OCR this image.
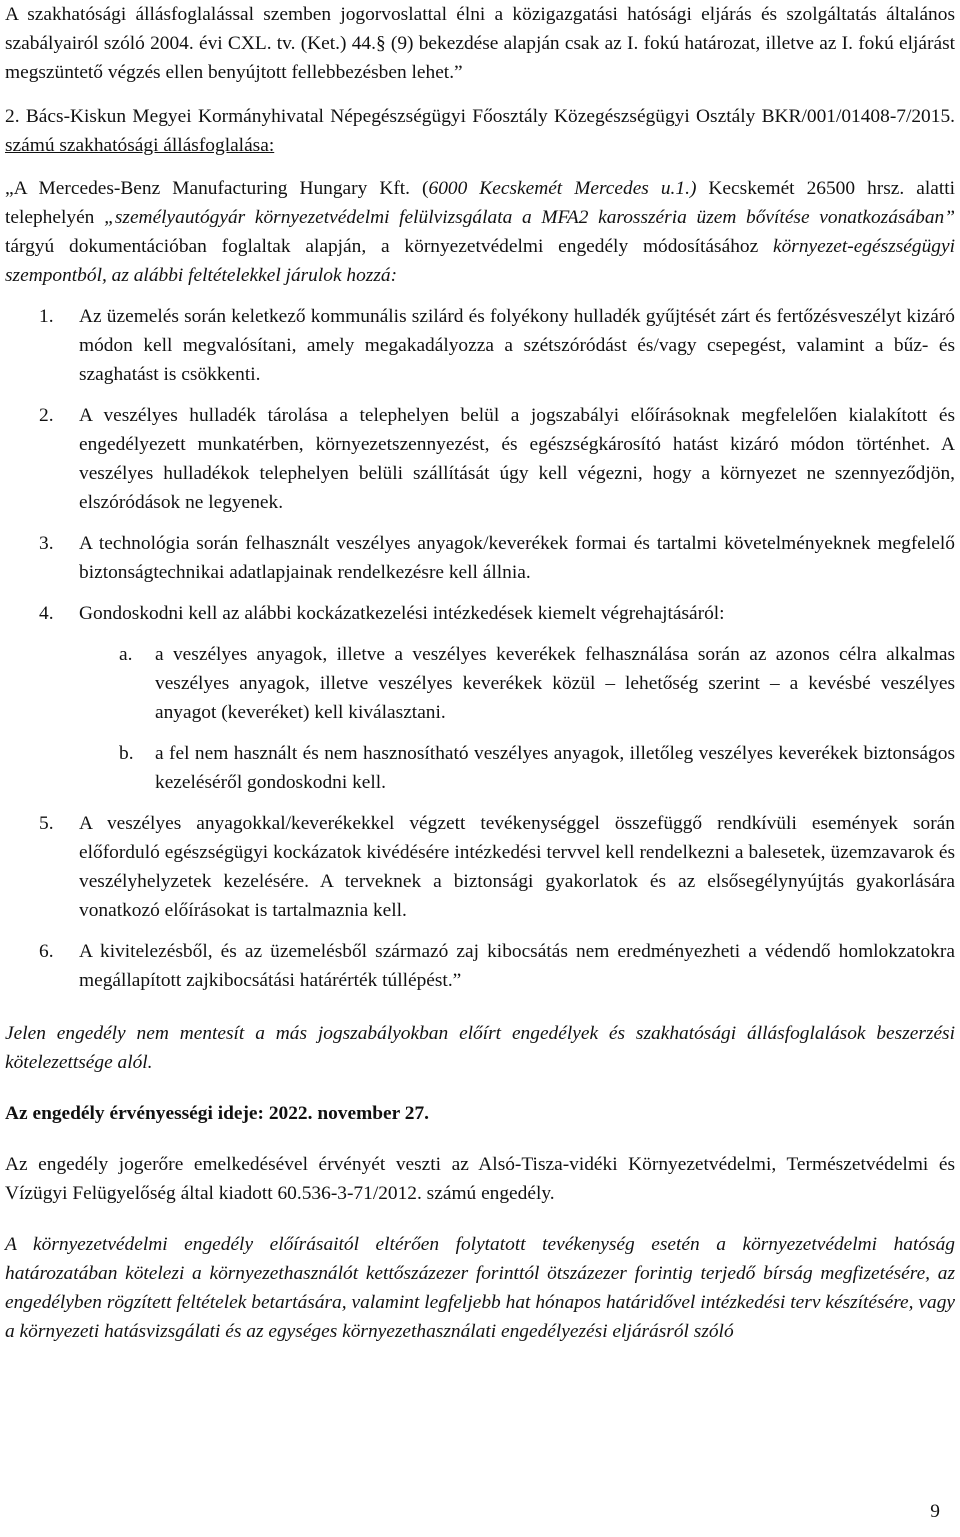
A szakhatósági állásfoglalással szemben jogorvoslattal élni a közigazgatási hatósági eljárás és szolgáltatás általános szabályairól szóló 2004. évi CXL. tv. (Ket.) 44.§ (9) bekezdése alapján csak az I. fokú határozat, illetve az I. fokú eljárást megszüntető végzés ellen benyújtott fellebbezésben lehet.”

2. Bács-Kiskun Megyei Kormányhivatal Népegészségügyi Főosztály Közegészségügyi Osztály BKR/001/01408-7/2015. számú szakhatósági állásfoglalása:

„A Mercedes-Benz Manufacturing Hungary Kft. (6000 Kecskemét Mercedes u.1.) Kecskemét 26500 hrsz. alatti telephelyén „személyautógyár környezetvédelmi felülvizsgálata a MFA2 karosszéria üzem bővítése vonatkozásában” tárgyú dokumentációban foglaltak alapján, a környezetvédelmi engedély módosításához környezet-egészségügyi szempontból, az alábbi feltételekkel járulok hozzá:

1. Az üzemelés során keletkező kommunális szilárd és folyékony hulladék gyűjtését zárt és fertőzésveszélyt kizáró módon kell megvalósítani, amely megakadályozza a szétszóródást és/vagy csepegést, valamint a bűz- és szaghatást is csökkenti.

2. A veszélyes hulladék tárolása a telephelyen belül a jogszabályi előírásoknak megfelelően kialakított és engedélyezett munkatérben, környezetszennyezést, és egészségkárosító hatást kizáró módon történhet. A veszélyes hulladékok telephelyen belüli szállítását úgy kell végezni, hogy a környezet ne szennyeződjön, elszóródások ne legyenek.

3. A technológia során felhasznált veszélyes anyagok/keverékek formai és tartalmi követelményeknek megfelelő biztonságtechnikai adatlapjainak rendelkezésre kell állnia.

4. Gondoskodni kell az alábbi kockázatkezelési intézkedések kiemelt végrehajtásáról:

a. a veszélyes anyagok, illetve a veszélyes keverékek felhasználása során az azonos célra alkalmas veszélyes anyagok, illetve veszélyes keverékek közül – lehetőség szerint – a kevésbé veszélyes anyagot (keveréket) kell kiválasztani.

b. a fel nem használt és nem hasznosítható veszélyes anyagok, illetőleg veszélyes keverékek biztonságos kezeléséről gondoskodni kell.

5. A veszélyes anyagokkal/keverékekkel végzett tevékenységgel összefüggő rendkívüli események során előforduló egészségügyi kockázatok kivédésére intézkedési tervvel kell rendelkezni a balesetek, üzemzavarok és veszélyhelyzetek kezelésére. A terveknek a biztonsági gyakorlatok és az elsősegélynyújtás gyakorlására vonatkozó előírásokat is tartalmaznia kell.

6. A kivitelezésből, és az üzemelésből származó zaj kibocsátás nem eredményezheti a védendő homlokzatokra megállapított zajkibocsátási határérték túllépést.”

Jelen engedély nem mentesít a más jogszabályokban előírt engedélyek és szakhatósági állásfoglalások beszerzési kötelezettsége alól.

Az engedély érvényességi ideje: 2022. november 27.

Az engedély jogerőre emelkedésével érvényét veszti az Alsó-Tisza-vidéki Környezetvédelmi, Természetvédelmi és Vízügyi Felügyelőség által kiadott 60.536-3-71/2012. számú engedély.

A környezetvédelmi engedély előírásaitól eltérően folytatott tevékenység esetén a környezetvédelmi hatóság határozatában kötelezi a környezethasználót kettőszázezer forinttól ötszázezer forintig terjedő bírság megfizetésére, az engedélyben rögzített feltételek betartására, valamint legfeljebb hat hónapos határidővel intézkedési terv készítésére, vagy a környezeti hatásvizsgálati és az egységes környezethasználati engedélyezési eljárásról szóló

9
